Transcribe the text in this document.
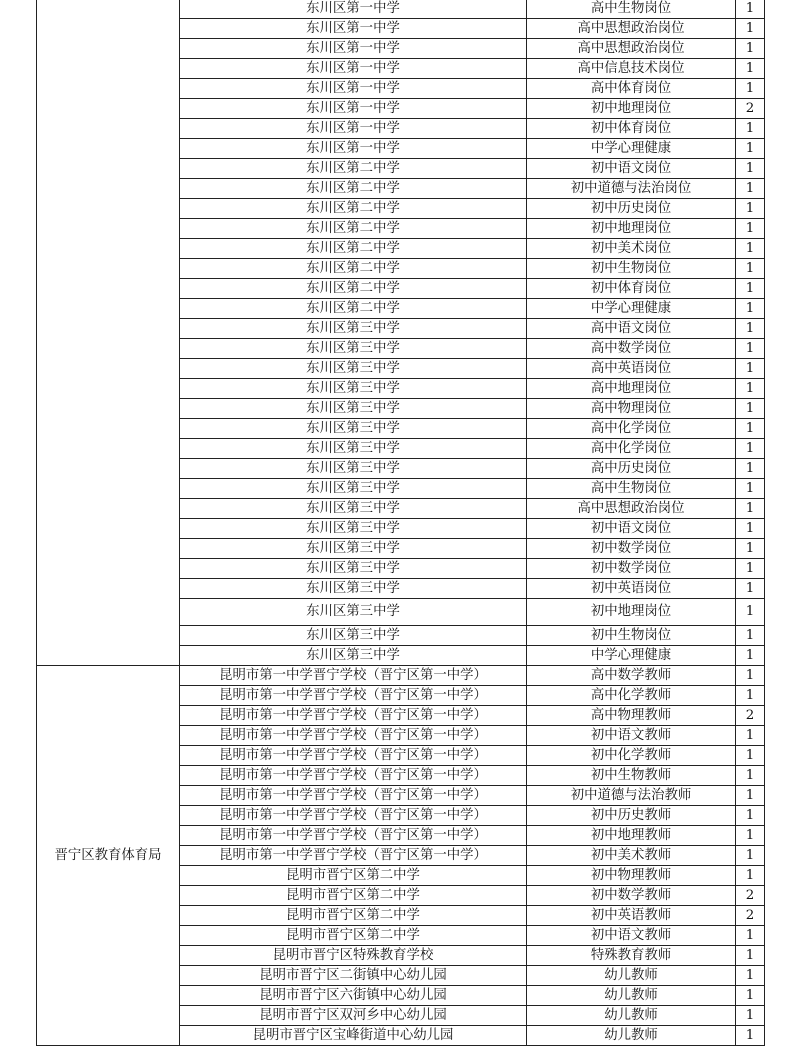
	东川区第一中学	高中生物岗位	1
	东川区第一中学	高中思想政治岗位	1
	东川区第一中学	高中思想政治岗位	1
	东川区第一中学	高中信息技术岗位	1
	东川区第一中学	高中体育岗位	1
	东川区第一中学	初中地理岗位	2
	东川区第一中学	初中体育岗位	1
	东川区第一中学	中学心理健康	1
	东川区第二中学	初中语文岗位	1
	东川区第二中学	初中道德与法治岗位	1
	东川区第二中学	初中历史岗位	1
	东川区第二中学	初中地理岗位	1
	东川区第二中学	初中美术岗位	1
	东川区第二中学	初中生物岗位	1
	东川区第二中学	初中体育岗位	1
	东川区第二中学	中学心理健康	1
	东川区第三中学	高中语文岗位	1
	东川区第三中学	高中数学岗位	1
	东川区第三中学	高中英语岗位	1
	东川区第三中学	高中地理岗位	1
	东川区第三中学	高中物理岗位	1
	东川区第三中学	高中化学岗位	1
	东川区第三中学	高中化学岗位	1
	东川区第三中学	高中历史岗位	1
	东川区第三中学	高中生物岗位	1
	东川区第三中学	高中思想政治岗位	1
	东川区第三中学	初中语文岗位	1
	东川区第三中学	初中数学岗位	1
	东川区第三中学	初中数学岗位	1
	东川区第三中学	初中英语岗位	1
	东川区第三中学	初中地理岗位	1
	东川区第三中学	初中生物岗位	1
	东川区第三中学	中学心理健康	1
晋宁区教育体育局	昆明市第一中学晋宁学校（晋宁区第一中学）	高中数学教师	1
	昆明市第一中学晋宁学校（晋宁区第一中学）	高中化学教师	1
	昆明市第一中学晋宁学校（晋宁区第一中学）	高中物理教师	2
	昆明市第一中学晋宁学校（晋宁区第一中学）	初中语文教师	1
	昆明市第一中学晋宁学校（晋宁区第一中学）	初中化学教师	1
	昆明市第一中学晋宁学校（晋宁区第一中学）	初中生物教师	1
	昆明市第一中学晋宁学校（晋宁区第一中学）	初中道德与法治教师	1
	昆明市第一中学晋宁学校（晋宁区第一中学）	初中历史教师	1
	昆明市第一中学晋宁学校（晋宁区第一中学）	初中地理教师	1
	昆明市第一中学晋宁学校（晋宁区第一中学）	初中美术教师	1
	昆明市晋宁区第二中学	初中物理教师	1
	昆明市晋宁区第二中学	初中数学教师	2
	昆明市晋宁区第二中学	初中英语教师	2
	昆明市晋宁区第二中学	初中语文教师	1
	昆明市晋宁区特殊教育学校	特殊教育教师	1
	昆明市晋宁区二街镇中心幼儿园	幼儿教师	1
	昆明市晋宁区六街镇中心幼儿园	幼儿教师	1
	昆明市晋宁区双河乡中心幼儿园	幼儿教师	1
	昆明市晋宁区宝峰街道中心幼儿园	幼儿教师	1
